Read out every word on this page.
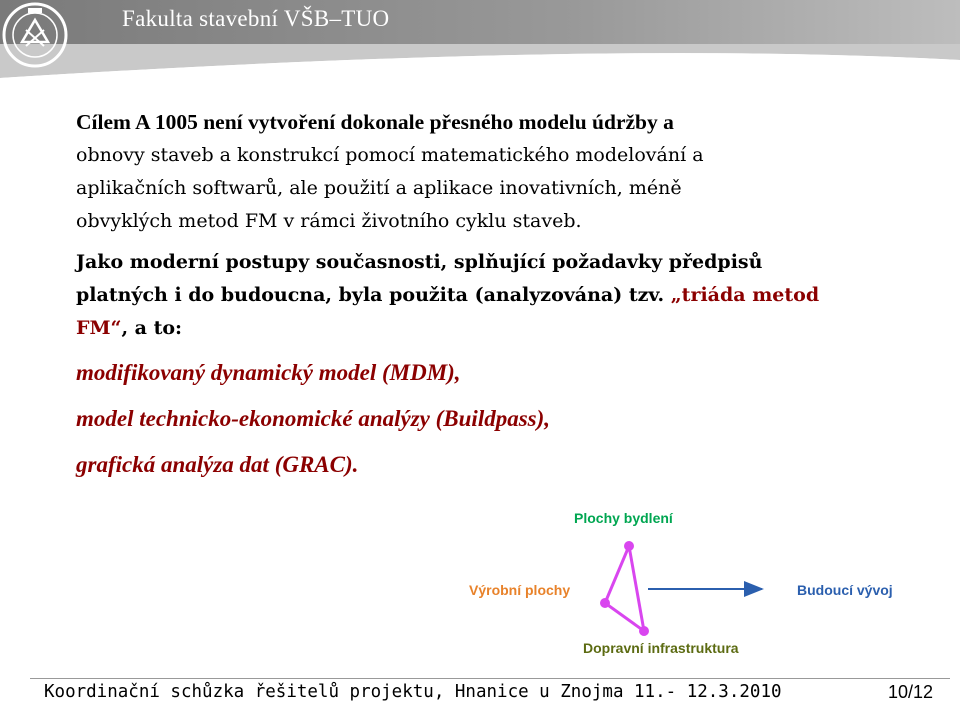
Fakulta stavební VŠB–TUO
Cílem A 1005 není vytvoření dokonale přesného modelu údržby a
obnovy staveb a konstrukcí pomocí matematického modelování a
aplikačních softwarů, ale použití a aplikace inovativních, méně
obvyklých metod FM v rámci životního cyklu staveb.
Jako moderní postupy současnosti, splňující požadavky předpisů
platných i do budoucna, byla použita (analyzována) tzv. „triáda metod
FM“, a to:
modifikovaný dynamický model (MDM),
model technicko-ekonomické analýzy (Buildpass),
grafická analýza dat (GRAC).
Plochy bydlení
Výrobní plochy	Budoucí vývoj
Dopravní infrastruktura
Koordinační schůzka řešitelů projektu, Hnanice u Znojma 11.- 12.3.2010	10/12
